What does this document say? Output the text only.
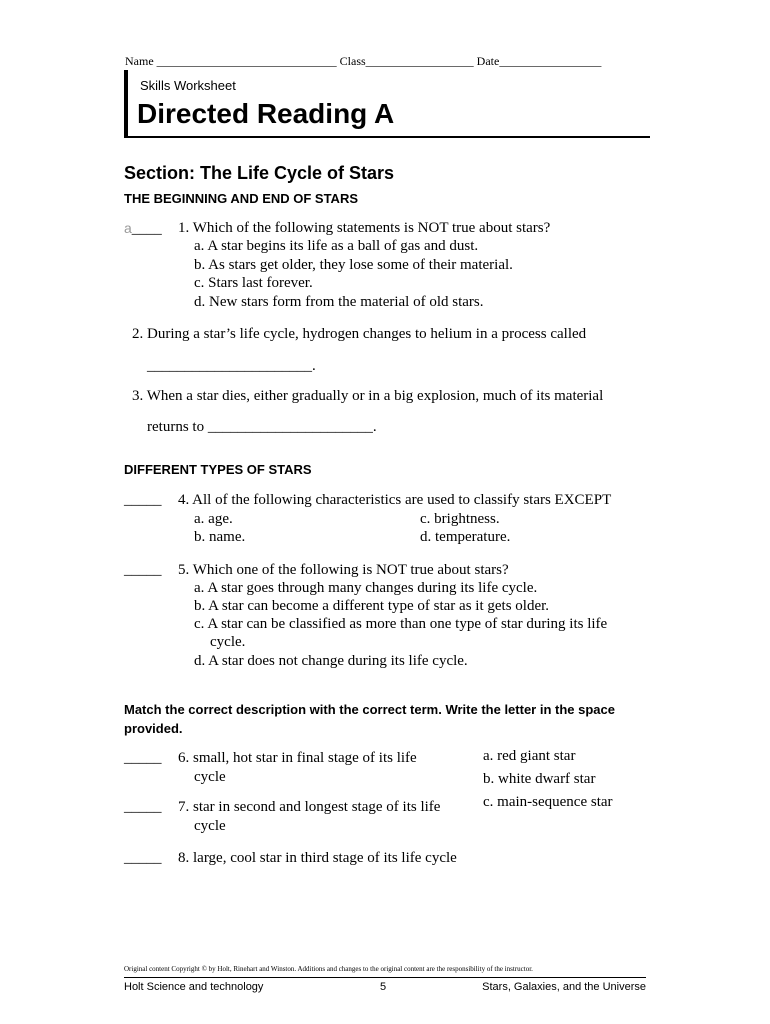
Name ______________________________ Class__________________ Date_________________
Skills Worksheet
Directed Reading A
Section: The Life Cycle of Stars
THE BEGINNING AND END OF STARS
a____ 1. Which of the following statements is NOT true about stars?
a. A star begins its life as a ball of gas and dust.
b. As stars get older, they lose some of their material.
c. Stars last forever.
d. New stars form from the material of old stars.
2. During a star’s life cycle, hydrogen changes to helium in a process called
______________________.
3. When a star dies, either gradually or in a big explosion, much of its material
returns to ______________________.
DIFFERENT TYPES OF STARS
_____ 4. All of the following characteristics are used to classify stars EXCEPT
a. age.	c. brightness.
b. name.	d. temperature.
_____ 5. Which one of the following is NOT true about stars?
a. A star goes through many changes during its life cycle.
b. A star can become a different type of star as it gets older.
c. A star can be classified as more than one type of star during its life
cycle.
d. A star does not change during its life cycle.
Match the correct description with the correct term. Write the letter in the space provided.
_____ 6. small, hot star in final stage of its life
cycle
_____ 7. star in second and longest stage of its life
cycle
_____ 8. large, cool star in third stage of its life cycle
a. red giant star
b. white dwarf star
c. main-sequence star
Original content Copyright © by Holt, Rinehart and Winston. Additions and changes to the original content are the responsibility of the instructor.
Holt Science and technology	5	Stars, Galaxies, and the Universe
